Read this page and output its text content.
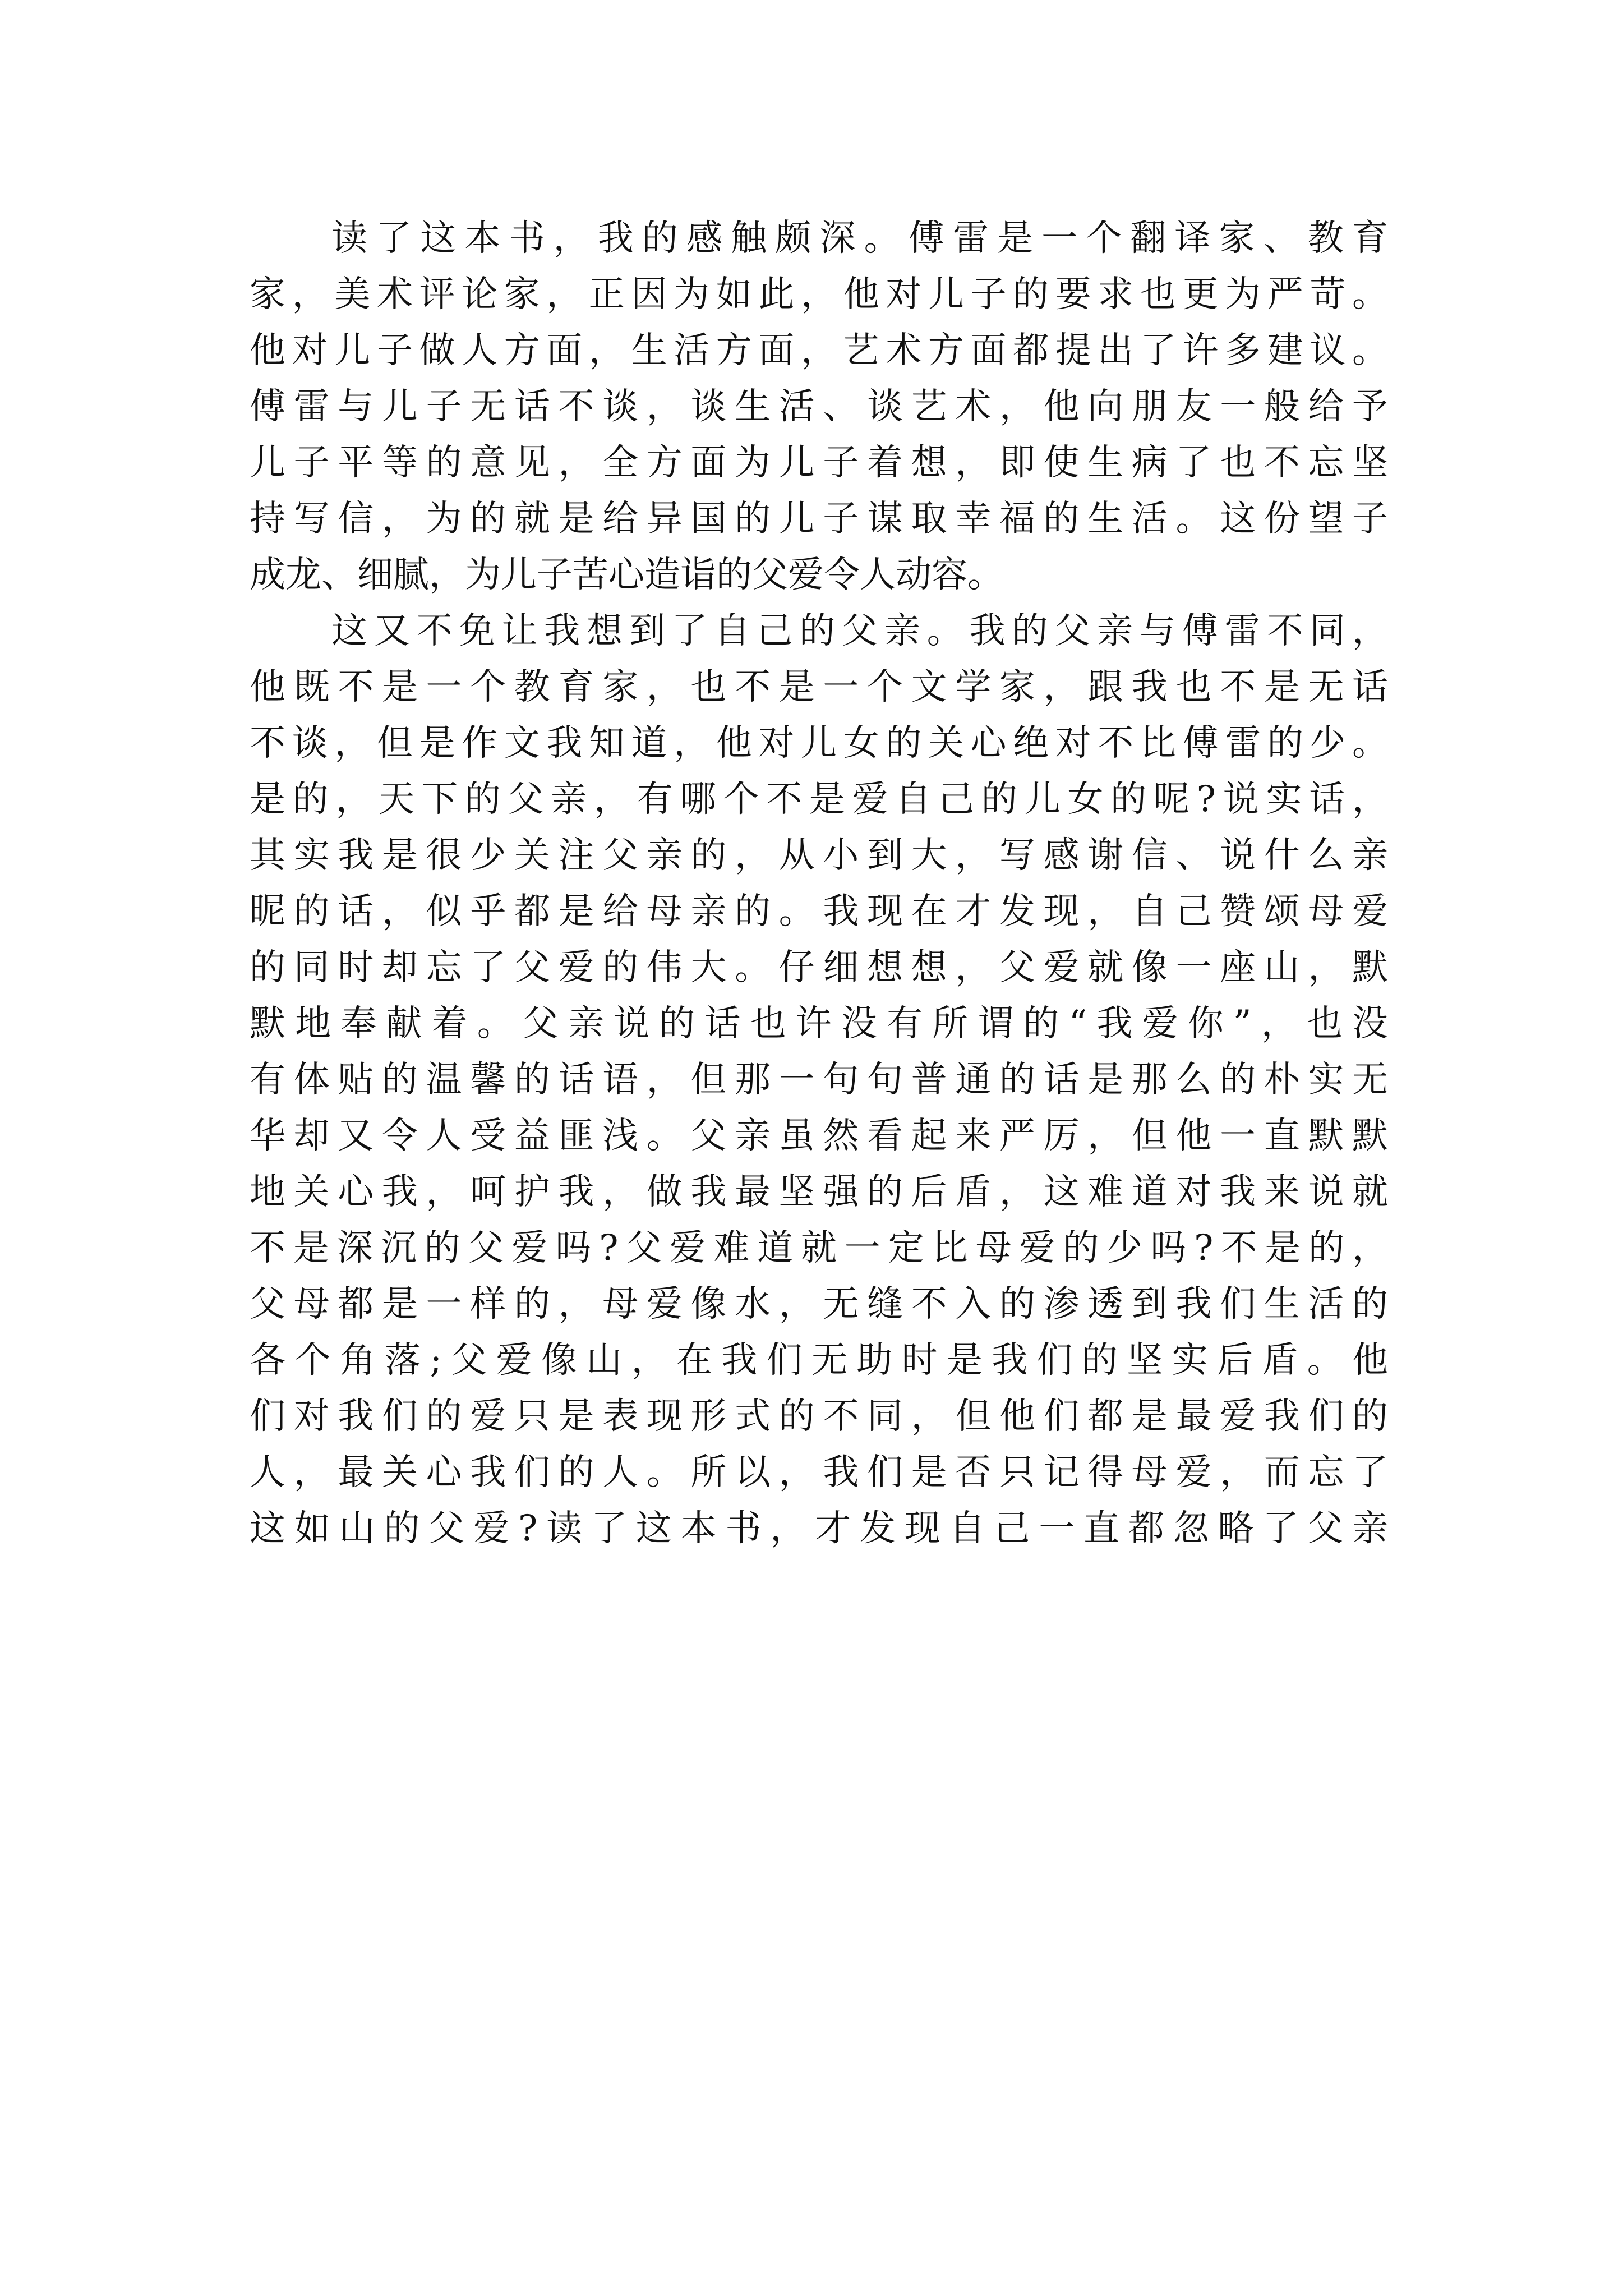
读了这本书，我的感触颇深。傅雷是一个翻译家、教育
家，美术评论家，正因为如此，他对儿子的要求也更为严苛。
他对儿子做人方面，生活方面，艺术方面都提出了许多建议。
傅雷与儿子无话不谈，谈生活、谈艺术，他向朋友一般给予
儿子平等的意见，全方面为儿子着想，即使生病了也不忘坚
持写信，为的就是给异国的儿子谋取幸福的生活。这份望子
成龙、细腻，为儿子苦心造诣的父爱令人动容。
这又不免让我想到了自己的父亲。我的父亲与傅雷不同，
他既不是一个教育家，也不是一个文学家，跟我也不是无话
不谈，但是作文我知道，他对儿女的关心绝对不比傅雷的少。
是的，天下的父亲，有哪个不是爱自己的儿女的呢?说实话，
其实我是很少关注父亲的，从小到大，写感谢信、说什么亲
昵的话，似乎都是给母亲的。我现在才发现，自己赞颂母爱
的同时却忘了父爱的伟大。仔细想想，父爱就像一座山，默
默地奉献着。父亲说的话也许没有所谓的“我爱你”，也没
有体贴的温馨的话语，但那一句句普通的话是那么的朴实无
华却又令人受益匪浅。父亲虽然看起来严厉，但他一直默默
地关心我，呵护我，做我最坚强的后盾，这难道对我来说就
不是深沉的父爱吗?父爱难道就一定比母爱的少吗?不是的，
父母都是一样的，母爱像水，无缝不入的渗透到我们生活的
各个角落;父爱像山，在我们无助时是我们的坚实后盾。他
们对我们的爱只是表现形式的不同，但他们都是最爱我们的
人，最关心我们的人。所以，我们是否只记得母爱，而忘了
这如山的父爱?读了这本书，才发现自己一直都忽略了父亲
